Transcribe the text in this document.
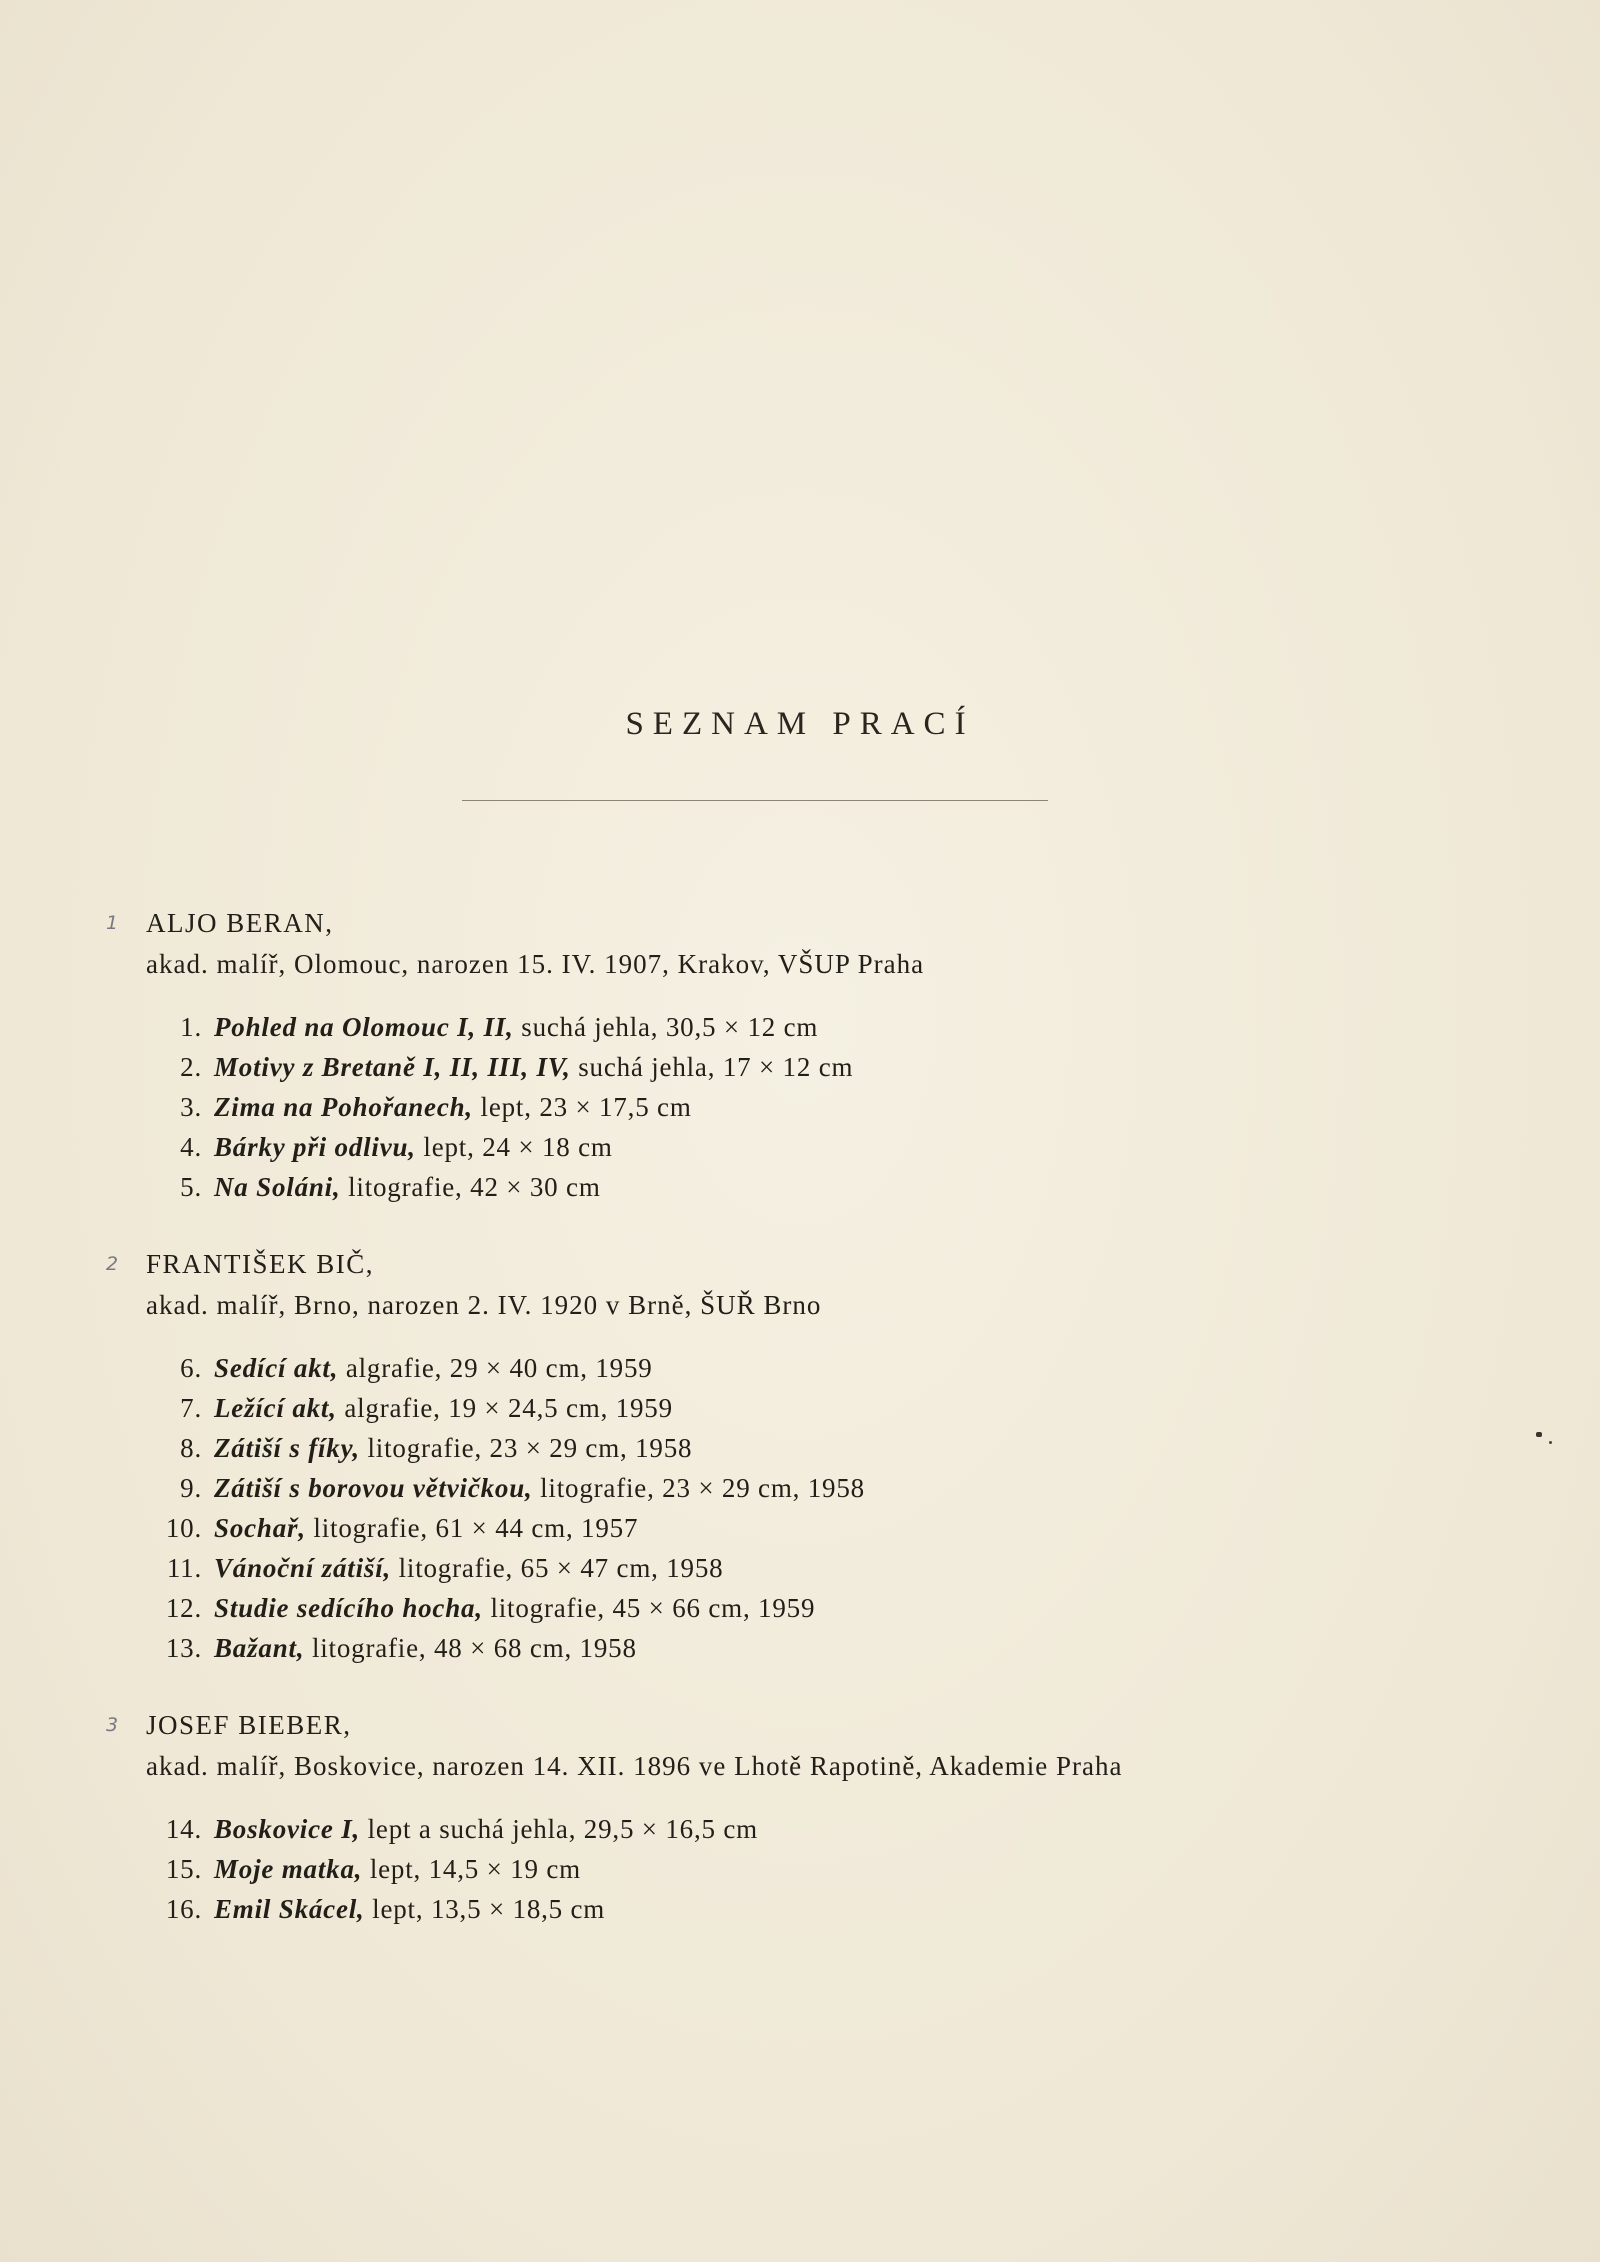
SEZNAM PRACÍ
1 ALJO BERAN,
akad. malíř, Olomouc, narozen 15. IV. 1907, Krakov, VŠUP Praha
1. Pohled na Olomouc I, II, suchá jehla, 30,5 × 12 cm
2. Motivy z Bretaně I, II, III, IV, suchá jehla, 17 × 12 cm
3. Zima na Pohořanech, lept, 23 × 17,5 cm
4. Bárky při odlivu, lept, 24 × 18 cm
5. Na Soláni, litografie, 42 × 30 cm
2 FRANTIŠEK BIČ,
akad. malíř, Brno, narozen 2. IV. 1920 v Brně, ŠUŘ Brno
6. Sedící akt, algrafie, 29 × 40 cm, 1959
7. Ležící akt, algrafie, 19 × 24,5 cm, 1959
8. Zátiší s fíky, litografie, 23 × 29 cm, 1958
9. Zátiší s borovou větvičkou, litografie, 23 × 29 cm, 1958
10. Sochař, litografie, 61 × 44 cm, 1957
11. Vánoční zátiší, litografie, 65 × 47 cm, 1958
12. Studie sedícího hocha, litografie, 45 × 66 cm, 1959
13. Bažant, litografie, 48 × 68 cm, 1958
3 JOSEF BIEBER,
akad. malíř, Boskovice, narozen 14. XII. 1896 ve Lhotě Rapotině, Akademie Praha
14. Boskovice I, lept a suchá jehla, 29,5 × 16,5 cm
15. Moje matka, lept, 14,5 × 19 cm
16. Emil Skácel, lept, 13,5 × 18,5 cm
